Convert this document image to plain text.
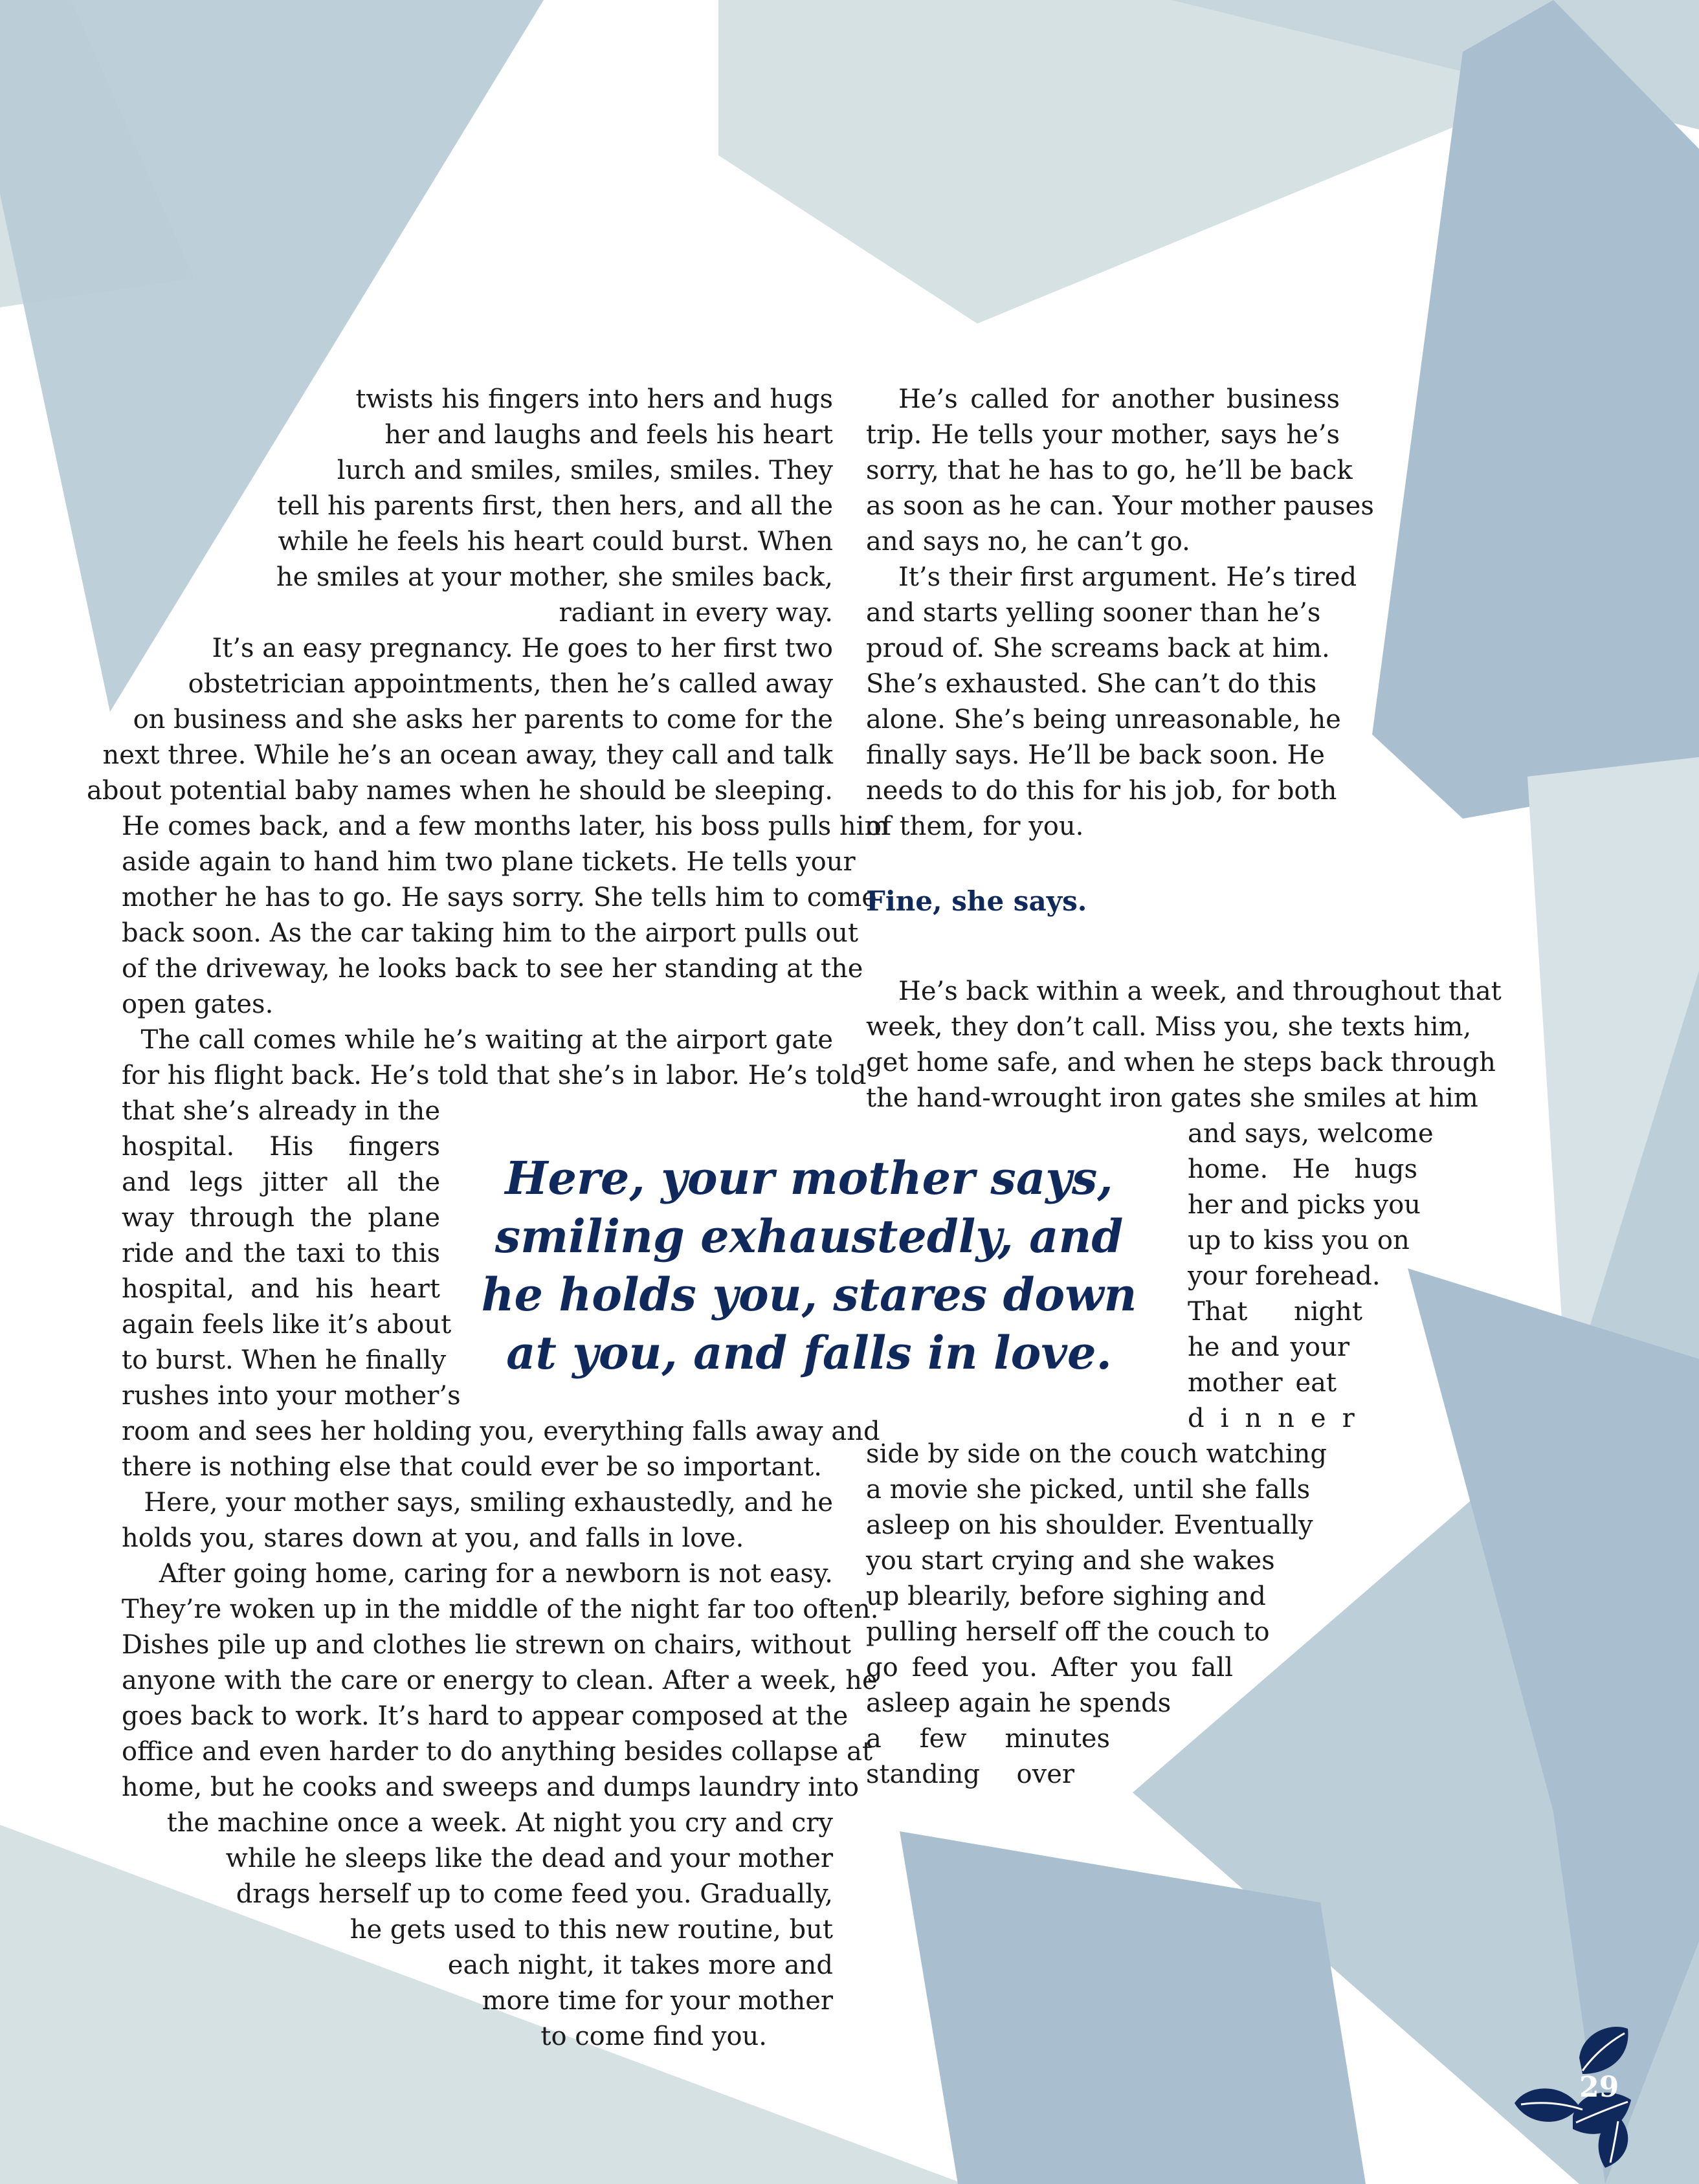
twists his fingers into hers and hugs

her and laughs and feels his heart

lurch and smiles, smiles, smiles. They

tell his parents first, then hers, and all the

while he feels his heart could burst. When

he smiles at your mother, she smiles back,

radiant in every way.

It’s an easy pregnancy. He goes to her first two

obstetrician appointments, then he’s called away

on business and she asks her parents to come for the

next three. While he’s an ocean away, they call and talk

about potential baby names when he should be sleeping.

He comes back, and a few months later, his boss pulls him

aside again to hand him two plane tickets. He tells your

mother he has to go. He says sorry. She tells him to come

back soon. As the car taking him to the airport pulls out

of the driveway, he looks back to see her standing at the

open gates.

The call comes while he’s waiting at the airport gate

for his flight back. He’s told that she’s in labor. He’s told

that she’s already in the

hospital.   His   fingers

and legs jitter all the

way through the plane

ride and the taxi to this

hospital, and his heart

again feels like it’s about

to burst. When he finally

rushes into your mother’s

room and sees her holding you, everything falls away and

there is nothing else that could ever be so important.

Here, your mother says, smiling exhaustedly, and he

holds you, stares down at you, and falls in love.

After going home, caring for a newborn is not easy.

They’re woken up in the middle of the night far too often.

Dishes pile up and clothes lie strewn on chairs, without

anyone with the care or energy to clean. After a week, he

goes back to work. It’s hard to appear composed at the

office and even harder to do anything besides collapse at

home, but he cooks and sweeps and dumps laundry into

the machine once a week. At night you cry and cry

while he sleeps like the dead and your mother

drags herself up to come feed you. Gradually,

he gets used to this new routine, but

each night, it takes more and

more time for your mother

to come find you.

He’s called for another business

trip. He tells your mother, says he’s

sorry, that he has to go, he’ll be back

as soon as he can. Your mother pauses

and says no, he can’t go.

It’s their first argument. He’s tired

and starts yelling sooner than he’s

proud of. She screams back at him.

She’s exhausted. She can’t do this

alone. She’s being unreasonable, he

finally says. He’ll be back soon. He

needs to do this for his job, for both

of them, for you.

He’s back within a week, and throughout that

week, they don’t call. Miss you, she texts him,

get home safe, and when he steps back through

the hand-wrought iron gates she smiles at him

and says, welcome

home. He hugs

her and picks you

up to kiss you on

your forehead.

That night

he and your

mother eat

dinner

side by side on the couch watching

a movie she picked, until she falls

asleep on his shoulder. Eventually

you start crying and she wakes

up blearily, before sighing and

pulling herself off the couch to

go feed you. After you fall

asleep again he spends

a few minutes

standing over

Fine, she says.

Here, your mother says,

smiling exhaustedly, and

he holds you, stares down

at you, and falls in love.

29
